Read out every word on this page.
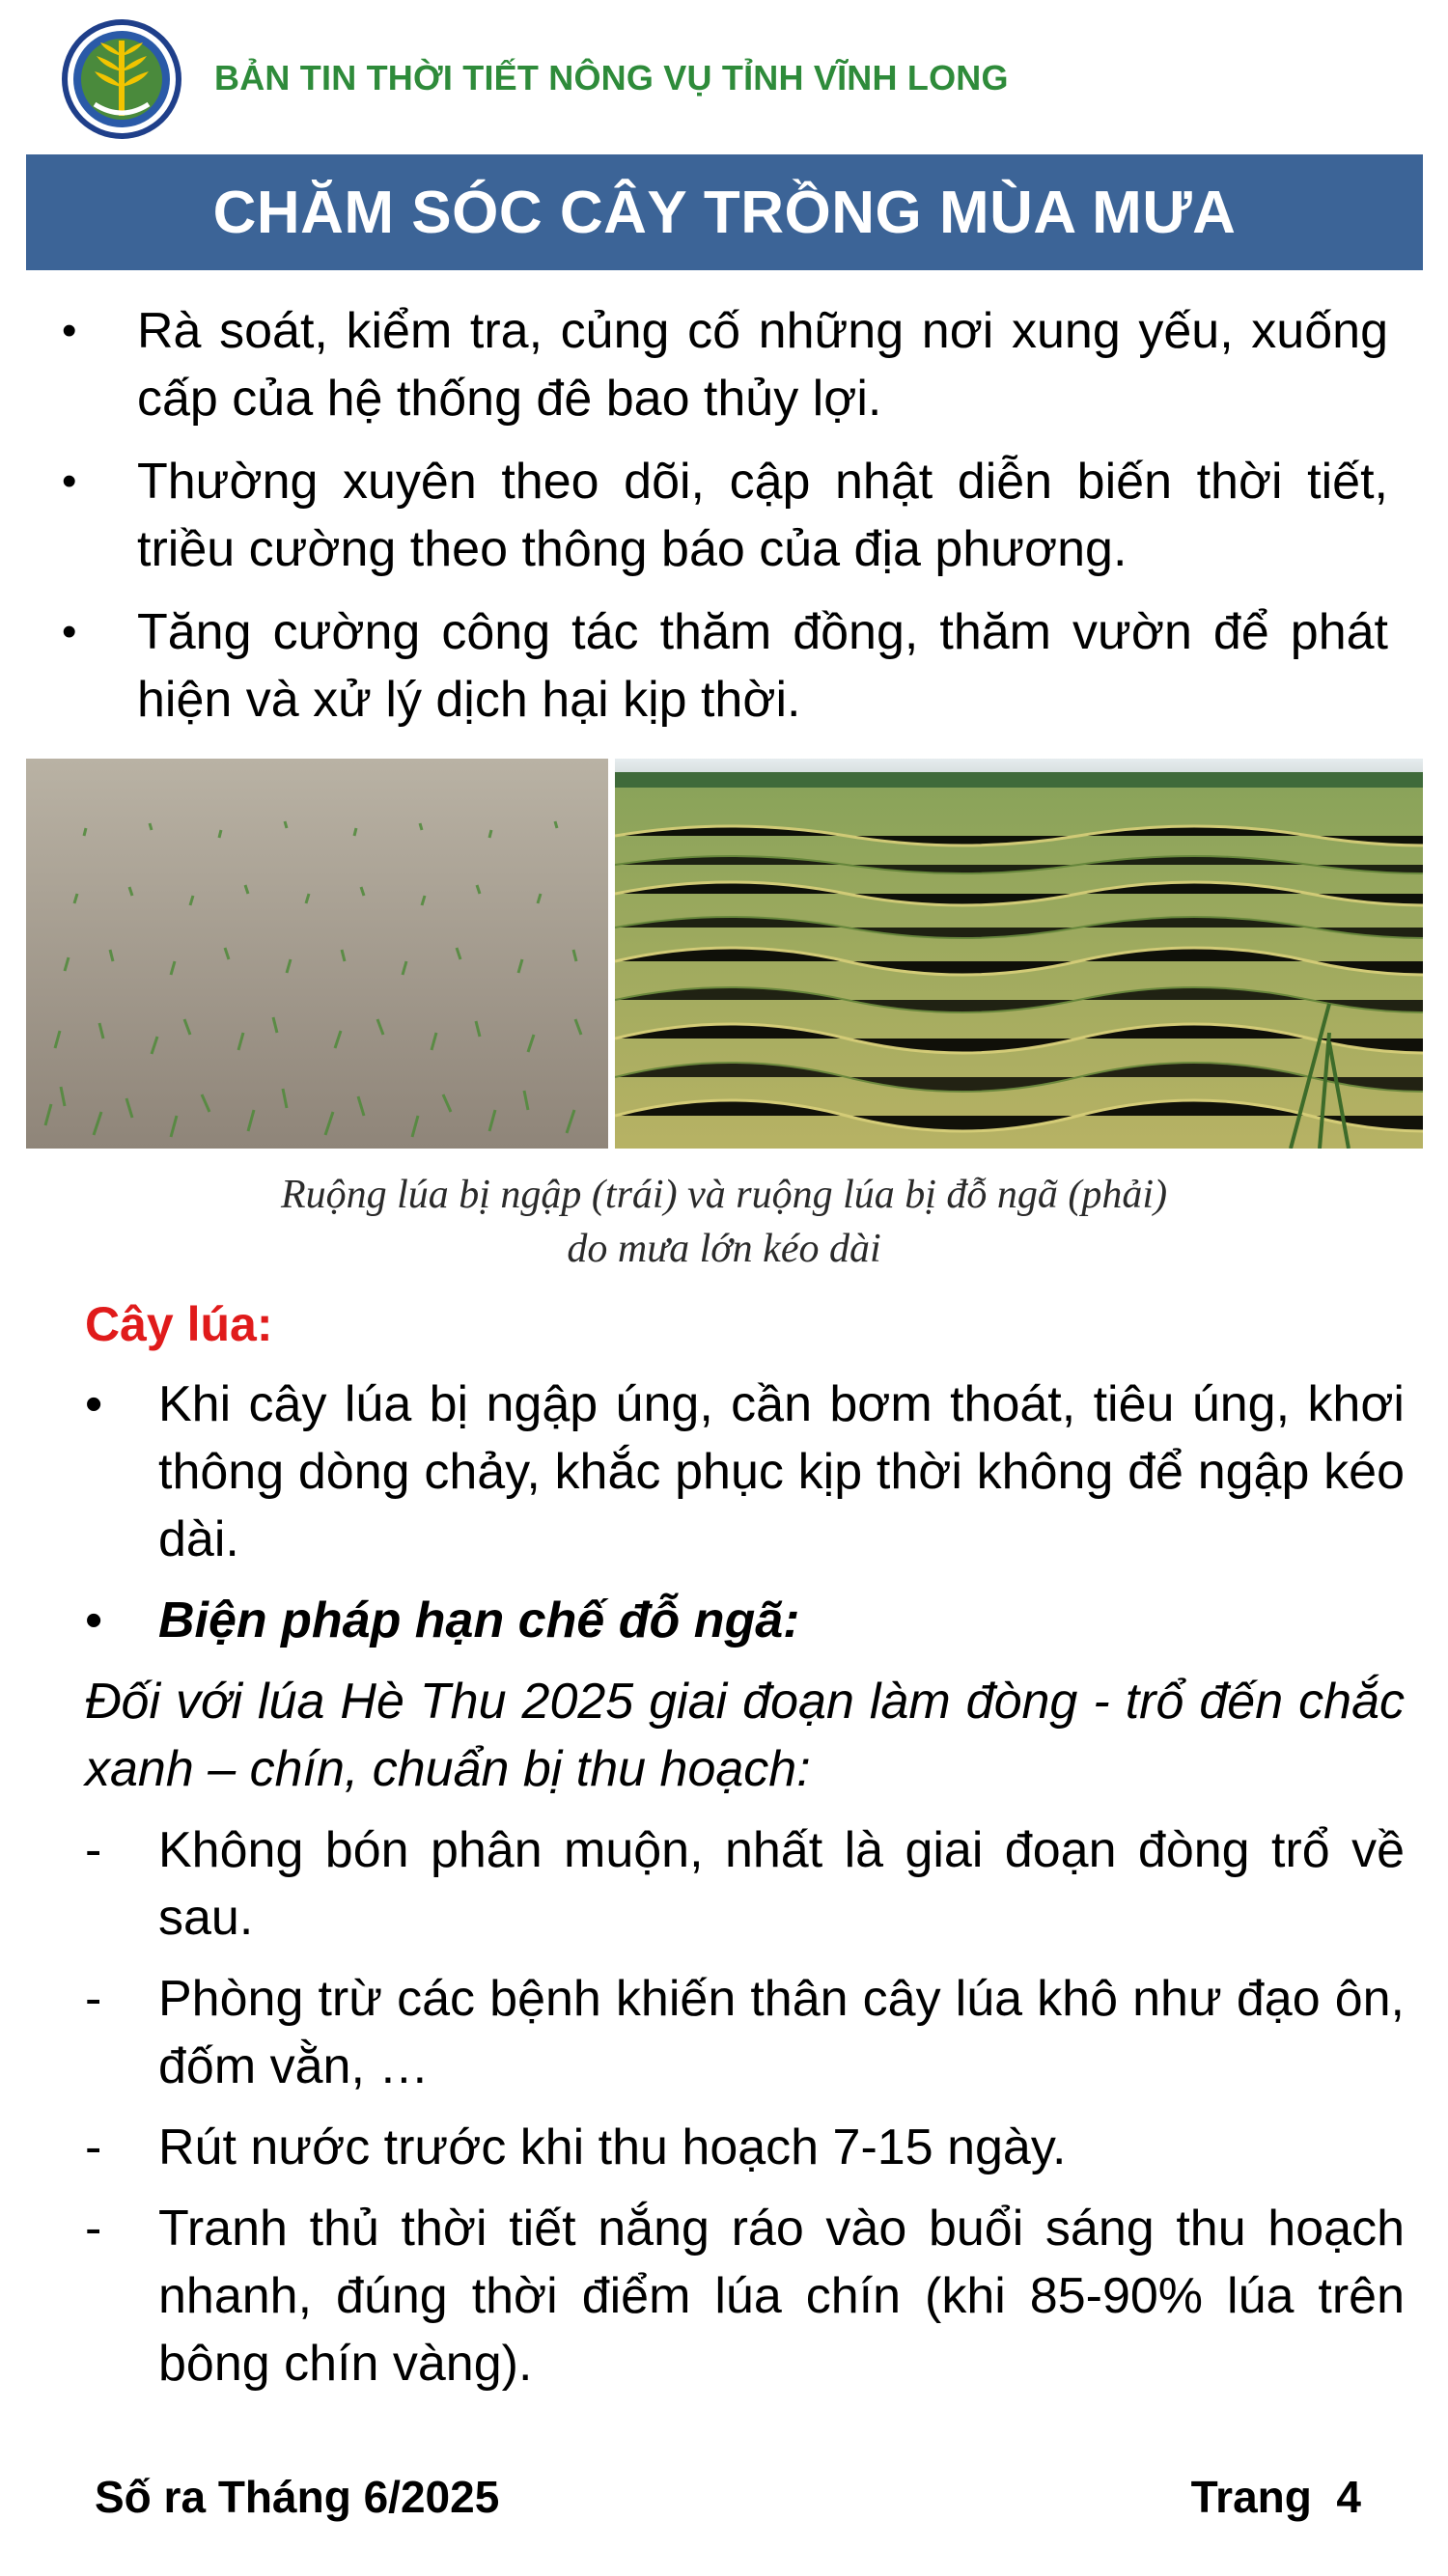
BẢN TIN THỜI TIẾT NÔNG VỤ TỈNH VĨNH LONG
CHĂM SÓC CÂY TRỒNG MÙA MƯA
• Rà soát, kiểm tra, củng cố những nơi xung yếu, xuống cấp của hệ thống đê bao thủy lợi.
• Thường xuyên theo dõi, cập nhật diễn biến thời tiết, triều cường theo thông báo của địa phương.
• Tăng cường công tác thăm đồng, thăm vườn để phát hiện và xử lý dịch hại kịp thời.
Ruộng lúa bị ngập (trái) và ruộng lúa bị đỗ ngã (phải)
do mưa lớn kéo dài
Cây lúa:
• Khi cây lúa bị ngập úng, cần bơm thoát, tiêu úng, khơi thông dòng chảy, khắc phục kịp thời không để ngập kéo dài.
• Biện pháp hạn chế đỗ ngã:
Đối với lúa Hè Thu 2025 giai đoạn làm đòng - trổ đến chắc xanh – chín, chuẩn bị thu hoạch:
- Không bón phân muộn, nhất là giai đoạn đòng trổ về sau.
- Phòng trừ các bệnh khiến thân cây lúa khô như đạo ôn, đốm vằn, …
- Rút nước trước khi thu hoạch 7-15 ngày.
- Tranh thủ thời tiết nắng ráo vào buổi sáng thu hoạch nhanh, đúng thời điểm lúa chín (khi 85-90% lúa trên bông chín vàng).
Số ra Tháng 6/2025	Trang  4
